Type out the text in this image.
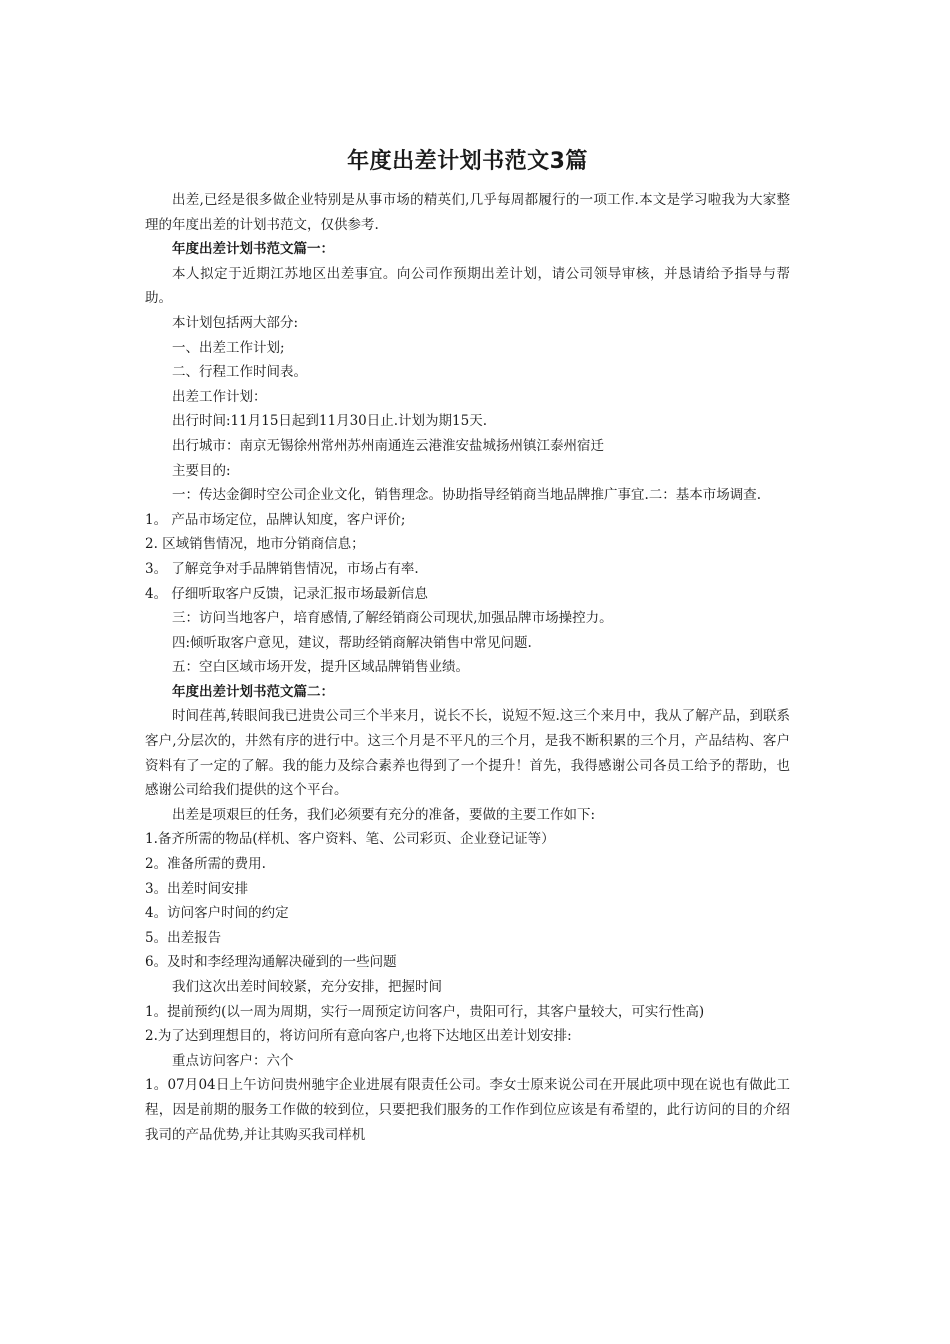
年度出差计划书范文3篇

出差,已经是很多做企业特别是从事市场的精英们,几乎每周都履行的一项工作.本文是学习啦我为大家整理的年度出差的计划书范文，仅供参考.

年度出差计划书范文篇一：

本人拟定于近期江苏地区出差事宜。向公司作预期出差计划，请公司领导审核，并恳请给予指导与帮助。

本计划包括两大部分:

一、出差工作计划;

二、行程工作时间表。

出差工作计划：

出行时间:11月15日起到11月30日止.计划为期15天.

出行城市：南京无锡徐州常州苏州南通连云港淮安盐城扬州镇江泰州宿迁

主要目的:

一：传达金御时空公司企业文化，销售理念。协助指导经销商当地品牌推广事宜.二：基本市场调查.

1。 产品市场定位，品牌认知度，客户评价;

2. 区域销售情况，地市分销商信息；

3。 了解竞争对手品牌销售情况，市场占有率.

4。 仔细听取客户反馈，记录汇报市场最新信息

三：访问当地客户，培育感情,了解经销商公司现状,加强品牌市场操控力。

四:倾听取客户意见，建议，帮助经销商解决销售中常见问题.

五：空白区域市场开发，提升区域品牌销售业绩。

年度出差计划书范文篇二：

时间荏苒,转眼间我已进贵公司三个半来月，说长不长，说短不短.这三个来月中，我从了解产品，到联系客户,分层次的，井然有序的进行中。这三个月是不平凡的三个月，是我不断积累的三个月，产品结构、客户资料有了一定的了解。我的能力及综合素养也得到了一个提升！首先，我得感谢公司各员工给予的帮助，也感谢公司给我们提供的这个平台。

出差是项艰巨的任务，我们必须要有充分的准备，要做的主要工作如下:

1.备齐所需的物品(样机、客户资料、笔、公司彩页、企业登记证等）

2。准备所需的费用.

3。出差时间安排

4。访问客户时间的约定

5。出差报告

6。及时和李经理沟通解决碰到的一些问题

我们这次出差时间较紧，充分安排，把握时间

1。提前预约(以一周为周期，实行一周预定访问客户，贵阳可行，其客户量较大，可实行性高)

2.为了达到理想目的，将访问所有意向客户,也将下达地区出差计划安排:

重点访问客户：六个

1。07月04日上午访问贵州驰宇企业进展有限责任公司。李女士原来说公司在开展此项中现在说也有做此工程，因是前期的服务工作做的较到位，只要把我们服务的工作作到位应该是有希望的，此行访问的目的介绍我司的产品优势,并让其购买我司样机
